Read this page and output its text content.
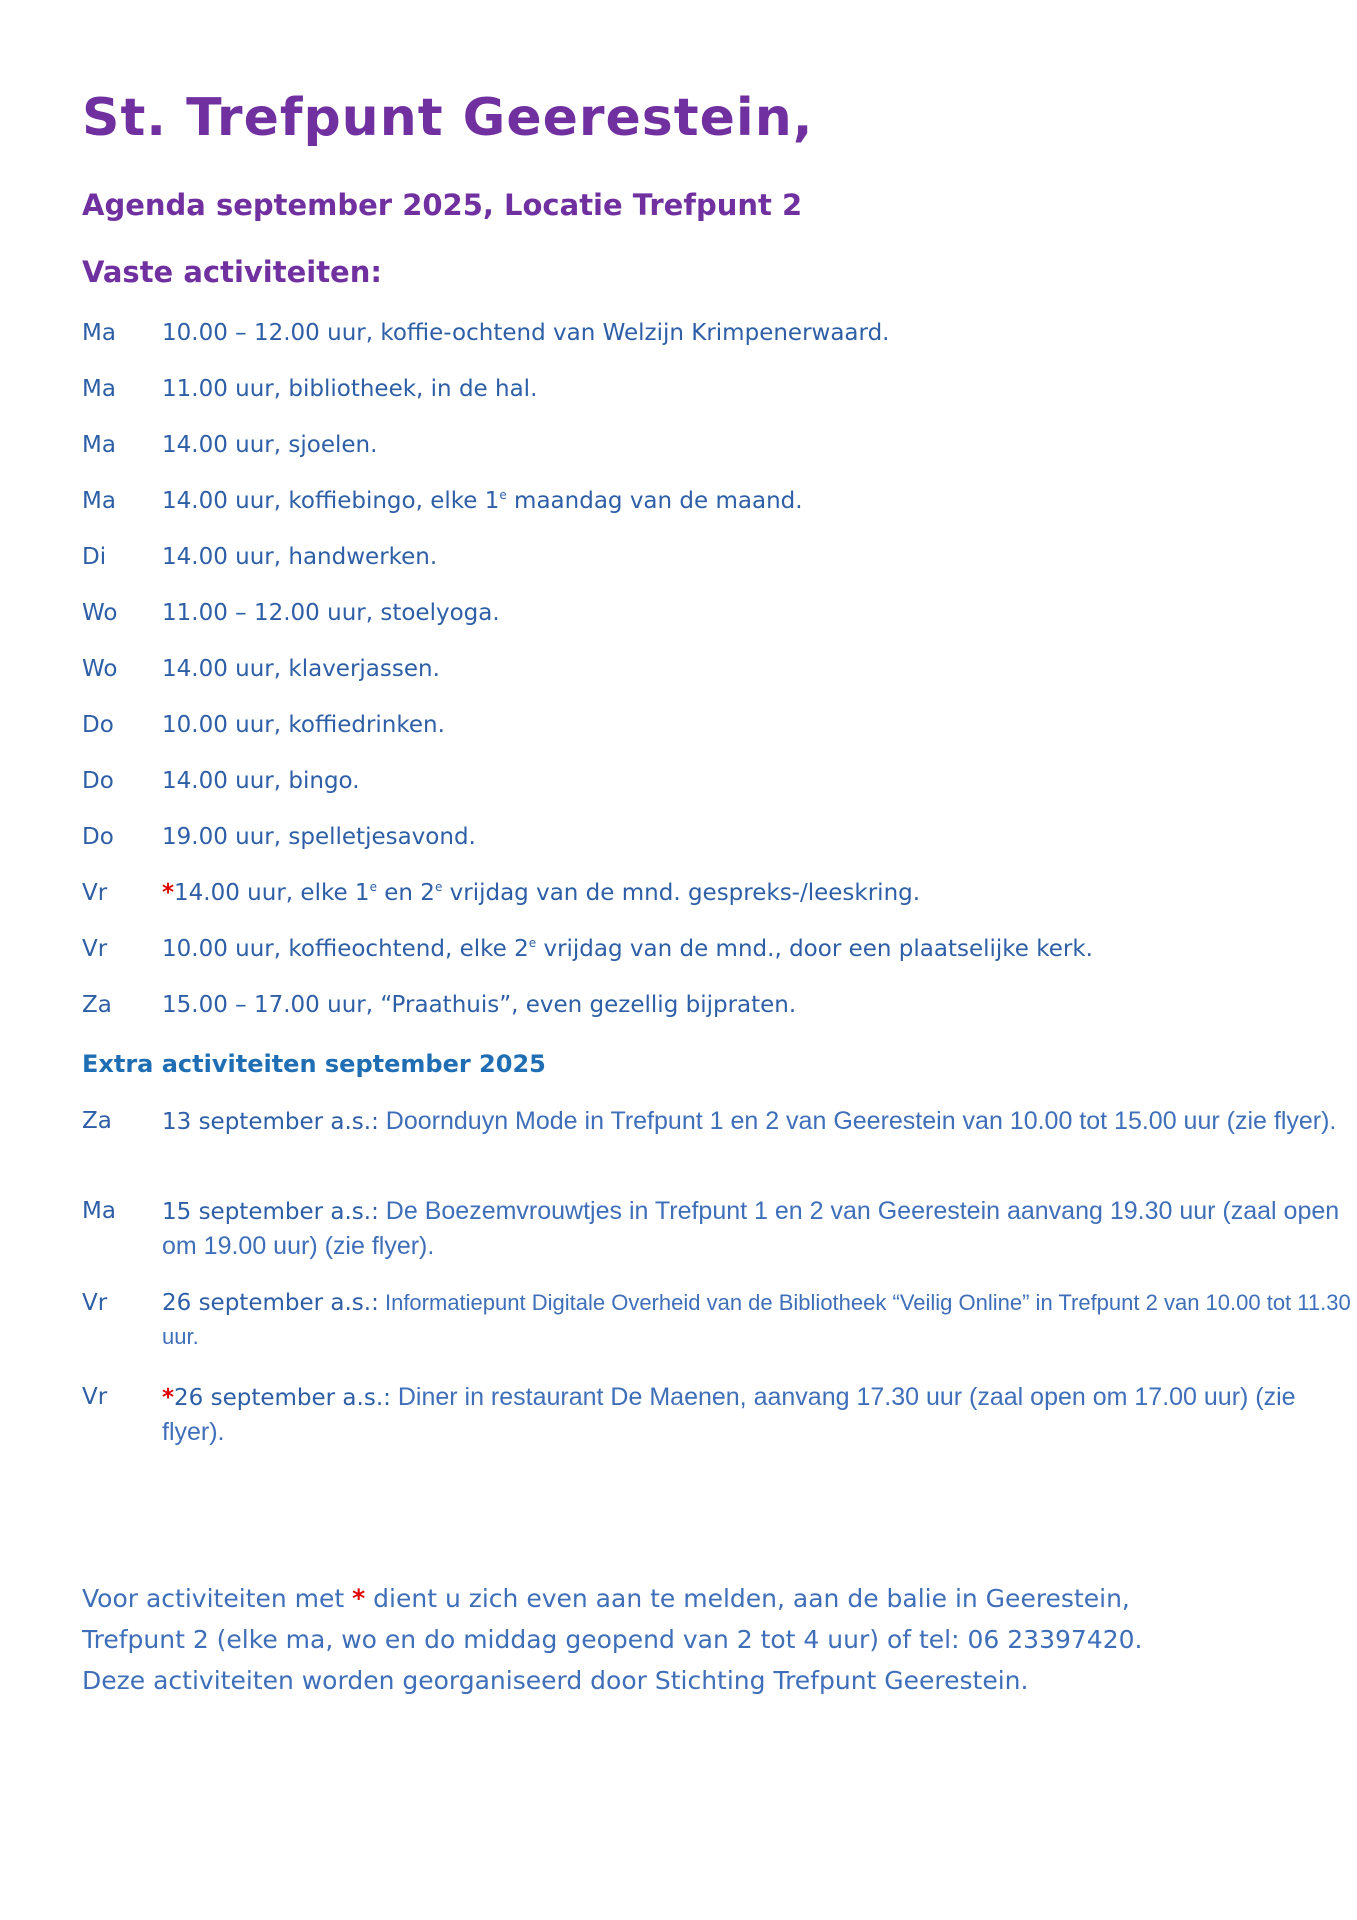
St. Trefpunt Geerestein,
Agenda september 2025, Locatie Trefpunt 2
Vaste activiteiten:
Ma	10.00 – 12.00 uur, koffie-ochtend van Welzijn Krimpenerwaard.
Ma	11.00 uur, bibliotheek, in de hal.
Ma	14.00 uur, sjoelen.
Ma	14.00 uur, koffiebingo, elke 1e maandag van de maand.
Di	14.00 uur, handwerken.
Wo	11.00 – 12.00 uur, stoelyoga.
Wo	14.00 uur, klaverjassen.
Do	10.00 uur, koffiedrinken.
Do	14.00 uur, bingo.
Do	19.00 uur, spelletjesavond.
Vr	*14.00 uur, elke 1e en 2e vrijdag van de mnd. gespreks-/leeskring.
Vr	10.00 uur, koffieochtend, elke 2e vrijdag van de mnd., door een plaatselijke kerk.
Za	15.00 – 17.00 uur, “Praathuis”, even gezellig bijpraten.
Extra activiteiten september 2025
Za	13 september a.s.: Doornduyn Mode in Trefpunt 1 en 2 van Geerestein van 10.00 tot 15.00 uur (zie flyer).
Ma	15 september a.s.: De Boezemvrouwtjes in Trefpunt 1 en 2 van Geerestein aanvang 19.30 uur (zaal open om 19.00 uur) (zie flyer).
Vr	26 september a.s.: Informatiepunt Digitale Overheid van de Bibliotheek “Veilig Online” in Trefpunt 2 van 10.00 tot 11.30 uur.
Vr	*26 september a.s.: Diner in restaurant De Maenen, aanvang 17.30 uur (zaal open om 17.00 uur) (zie flyer).
Voor activiteiten met * dient u zich even aan te melden, aan de balie in Geerestein,
Trefpunt 2 (elke ma, wo en do middag geopend van 2 tot 4 uur) of tel: 06 23397420.
Deze activiteiten worden georganiseerd door Stichting Trefpunt Geerestein.
